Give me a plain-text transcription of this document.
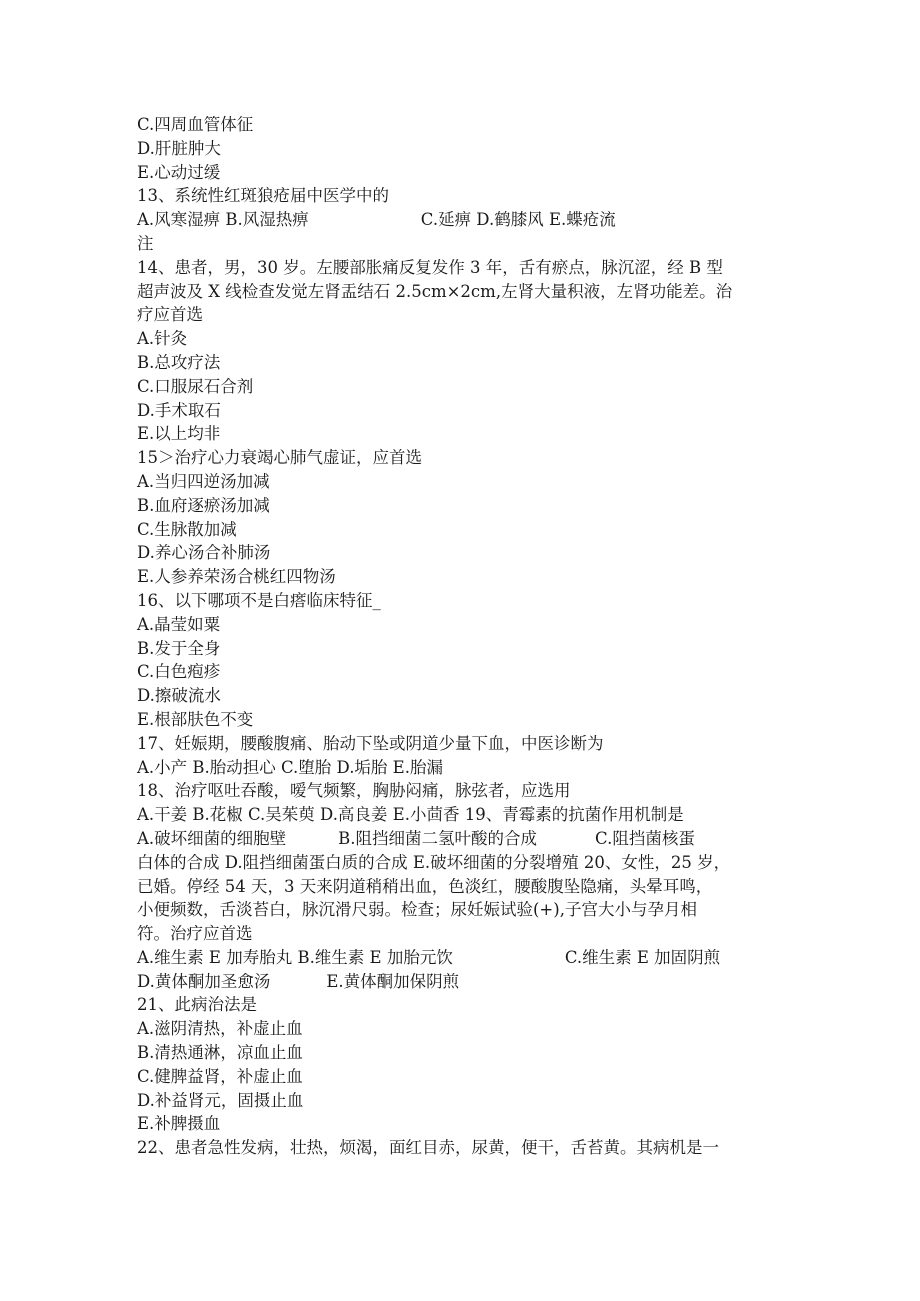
C.四周血管体征
D.肝脏肿大
E.心动过缓
13、系统性红斑狼疮届中医学中的
A.风寒湿痹 B.风湿热痹	C.延痹 D.鹤膝风 E.蝶疮流
注
14、患者，男，30 岁。左腰部胀痛反复发作 3 年，舌有瘀点，脉沉涩，经 B 型
超声波及 X 线检查发觉左肾盂结石 2.5cm×2cm,左肾大量积液，左肾功能差。治
疗应首选
A.针灸
B.总攻疗法
C.口服尿石合剂
D.手术取石
E.以上均非
15＞治疗心力衰竭心肺气虚证，应首选
A.当归四逆汤加减
B.血府逐瘀汤加减
C.生脉散加减
D.养心汤合补肺汤
E.人参养荣汤合桃红四物汤
16、以下哪项不是白瘩临床特征_
A.晶莹如粟
B.发于全身
C.白色疱疹
D.擦破流水
E.根部肤色不变
17、妊娠期，腰酸腹痛、胎动下坠或阴道少量下血，中医诊断为
A.小产 B.胎动担心 C.堕胎 D.垢胎 E.胎漏
18、治疗呕吐吞酸，嗳气频繁，胸胁闷痛，脉弦者，应选用
A.干姜 B.花椒 C.吴茱萸 D.高良姜 E.小茴香 19、青霉素的抗菌作用机制是
A.破坏细菌的细胞壁	B.阻挡细菌二氢叶酸的合成	C.阻挡菌核蛋
白体的合成 D.阻挡细菌蛋白质的合成 E.破坏细菌的分裂增殖 20、女性，25 岁，
已婚。停经 54 天，3 天来阴道稍稍出血，色淡红，腰酸腹坠隐痛，头晕耳鸣，
小便频数，舌淡苔白，脉沉滑尺弱。检查；尿妊娠试验(+),子宫大小与孕月相
符。治疗应首选
A.维生素 E 加寿胎丸 B.维生素 E 加胎元饮	C.维生素 E 加固阴煎
D.黄体酮加圣愈汤	E.黄体酮加保阴煎
21、此病治法是
A.滋阴清热，补虚止血
B.清热通淋，凉血止血
C.健脾益肾，补虚止血
D.补益肾元，固摄止血
E.补脾摄血
22、患者急性发病，壮热，烦渴，面红目赤，尿黄，便干，舌苔黄。其病机是一
